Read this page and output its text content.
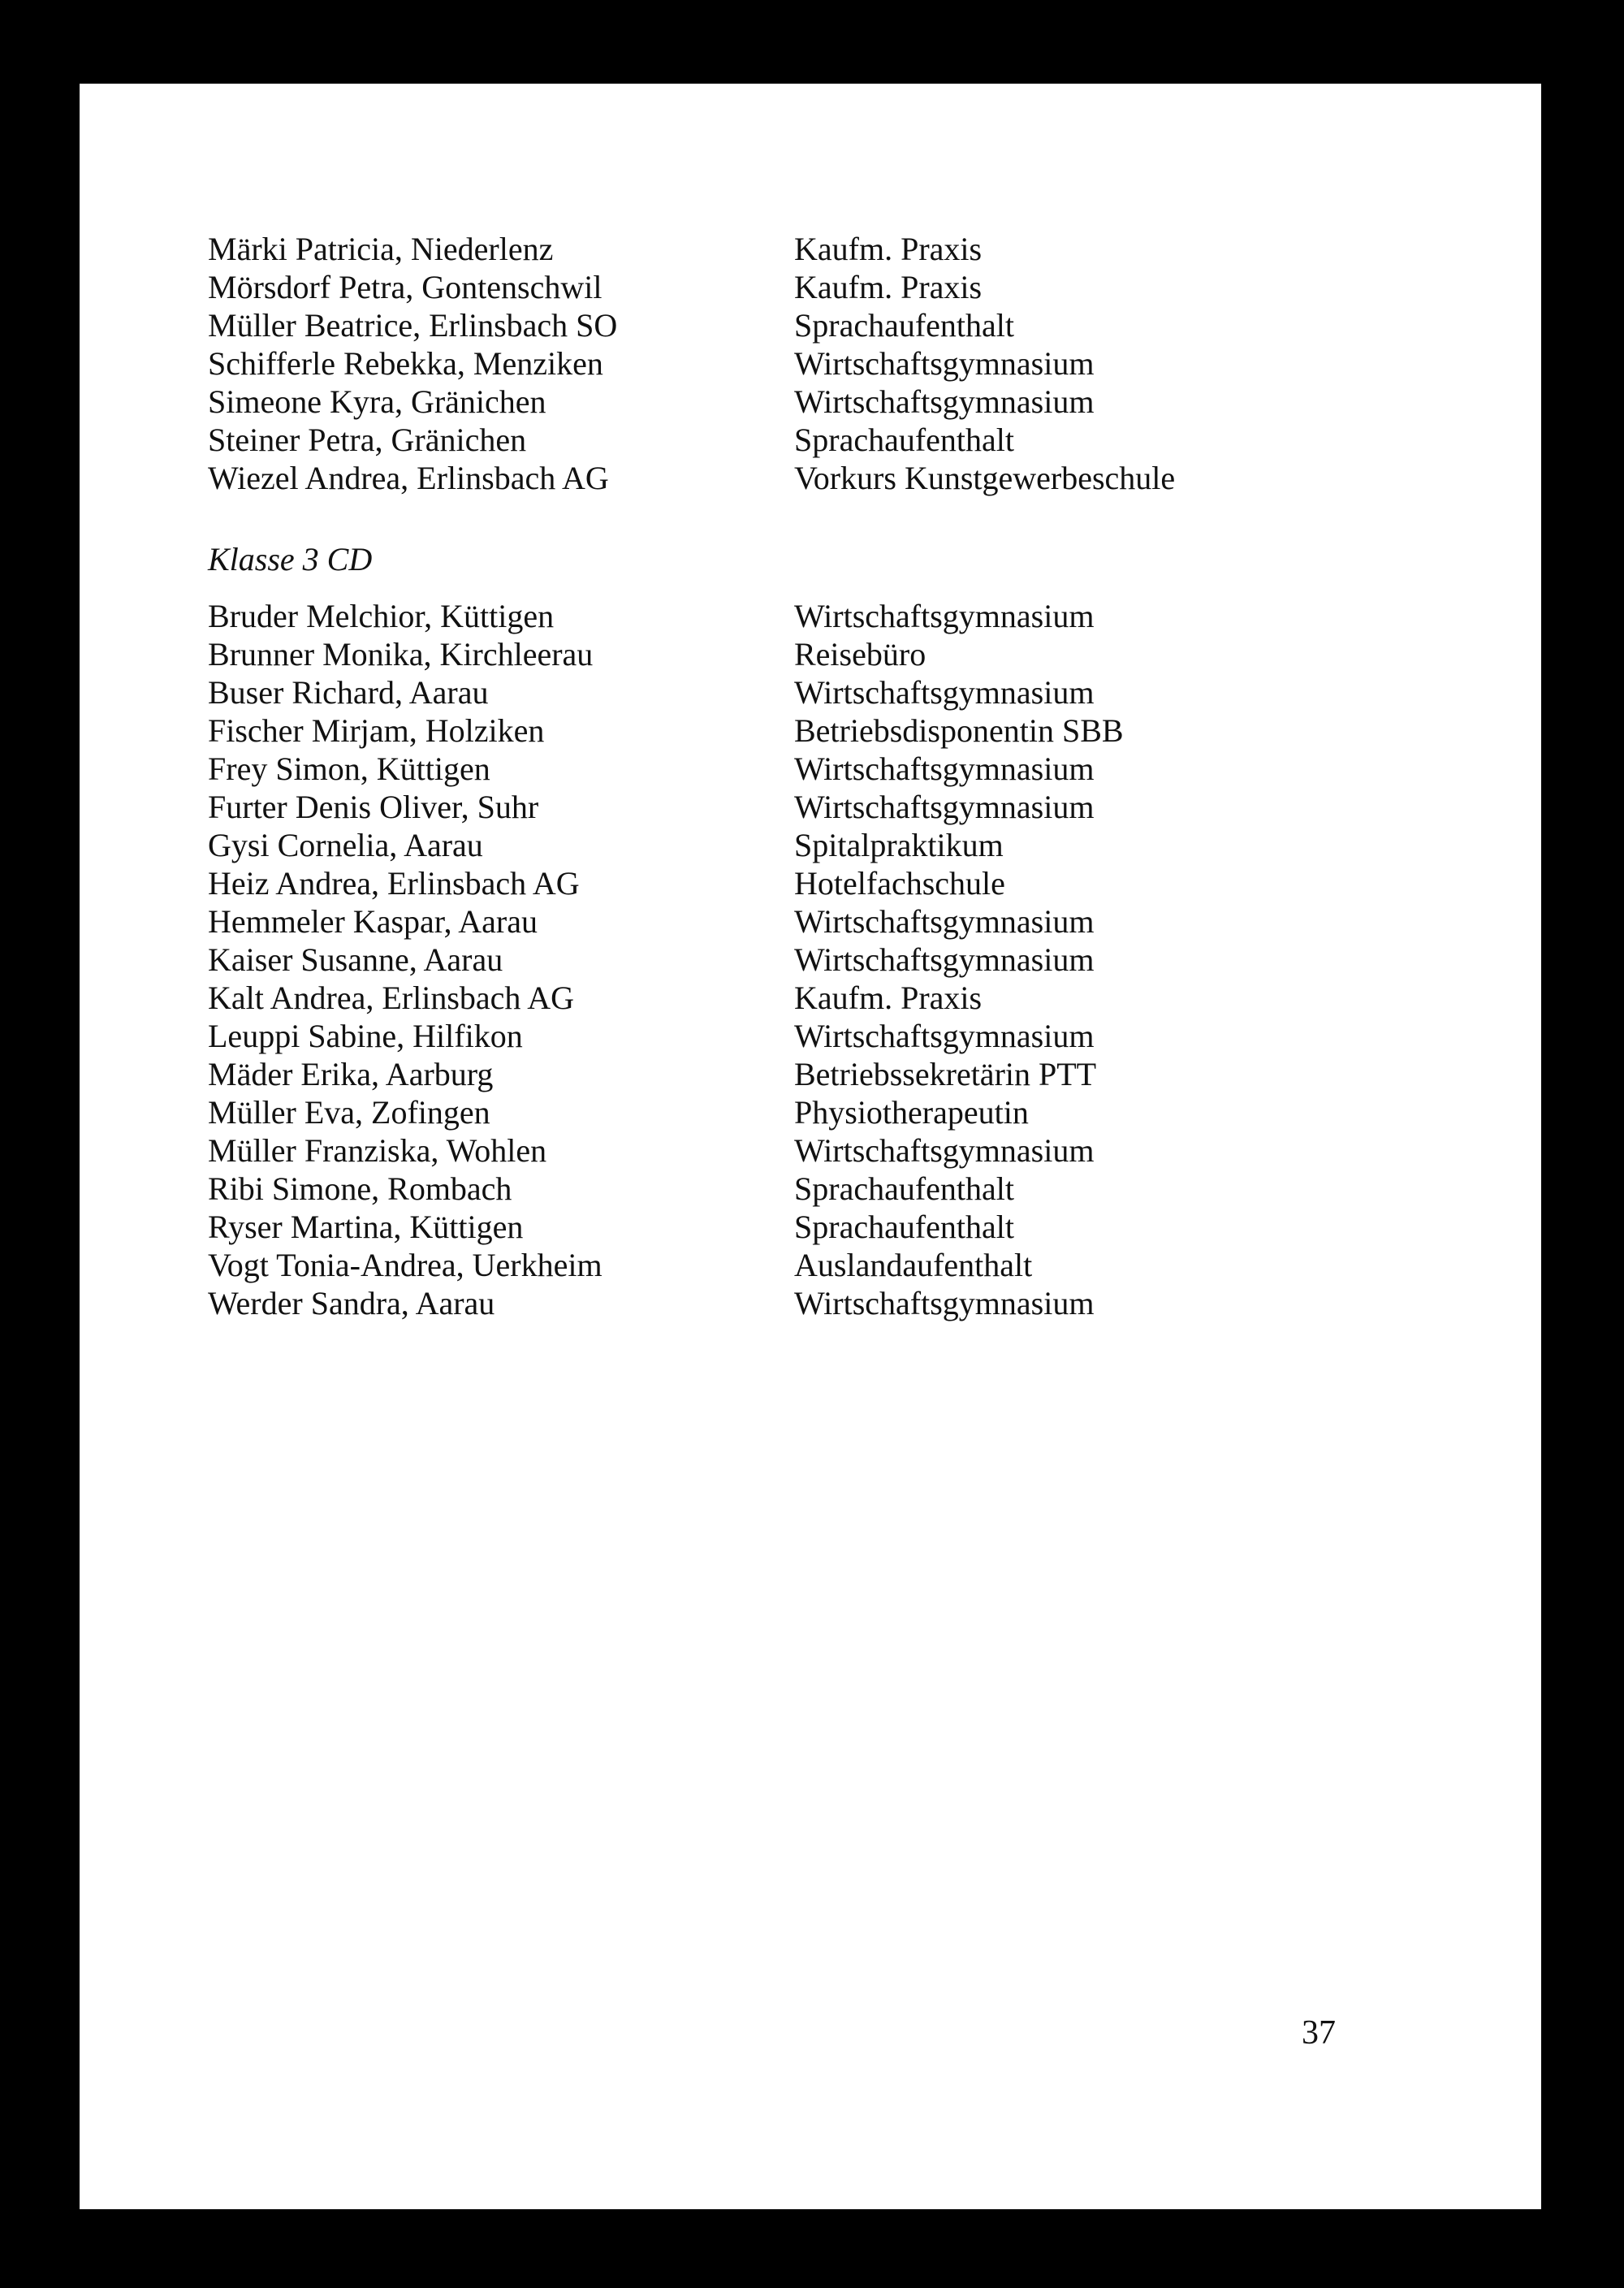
Märki Patricia, Niederlenz	Kaufm. Praxis
Mörsdorf Petra, Gontenschwil	Kaufm. Praxis
Müller Beatrice, Erlinsbach SO	Sprachaufenthalt
Schifferle Rebekka, Menziken	Wirtschaftsgymnasium
Simeone Kyra, Gränichen	Wirtschaftsgymnasium
Steiner Petra, Gränichen	Sprachaufenthalt
Wiezel Andrea, Erlinsbach AG	Vorkurs Kunstgewerbeschule
Klasse 3 CD
Bruder Melchior, Küttigen	Wirtschaftsgymnasium
Brunner Monika, Kirchleerau	Reisebüro
Buser Richard, Aarau	Wirtschaftsgymnasium
Fischer Mirjam, Holziken	Betriebsdisponentin SBB
Frey Simon, Küttigen	Wirtschaftsgymnasium
Furter Denis Oliver, Suhr	Wirtschaftsgymnasium
Gysi Cornelia, Aarau	Spitalpraktikum
Heiz Andrea, Erlinsbach AG	Hotelfachschule
Hemmeler Kaspar, Aarau	Wirtschaftsgymnasium
Kaiser Susanne, Aarau	Wirtschaftsgymnasium
Kalt Andrea, Erlinsbach AG	Kaufm. Praxis
Leuppi Sabine, Hilfikon	Wirtschaftsgymnasium
Mäder Erika, Aarburg	Betriebssekretärin PTT
Müller Eva, Zofingen	Physiotherapeutin
Müller Franziska, Wohlen	Wirtschaftsgymnasium
Ribi Simone, Rombach	Sprachaufenthalt
Ryser Martina, Küttigen	Sprachaufenthalt
Vogt Tonia-Andrea, Uerkheim	Auslandaufenthalt
Werder Sandra, Aarau	Wirtschaftsgymnasium
37
